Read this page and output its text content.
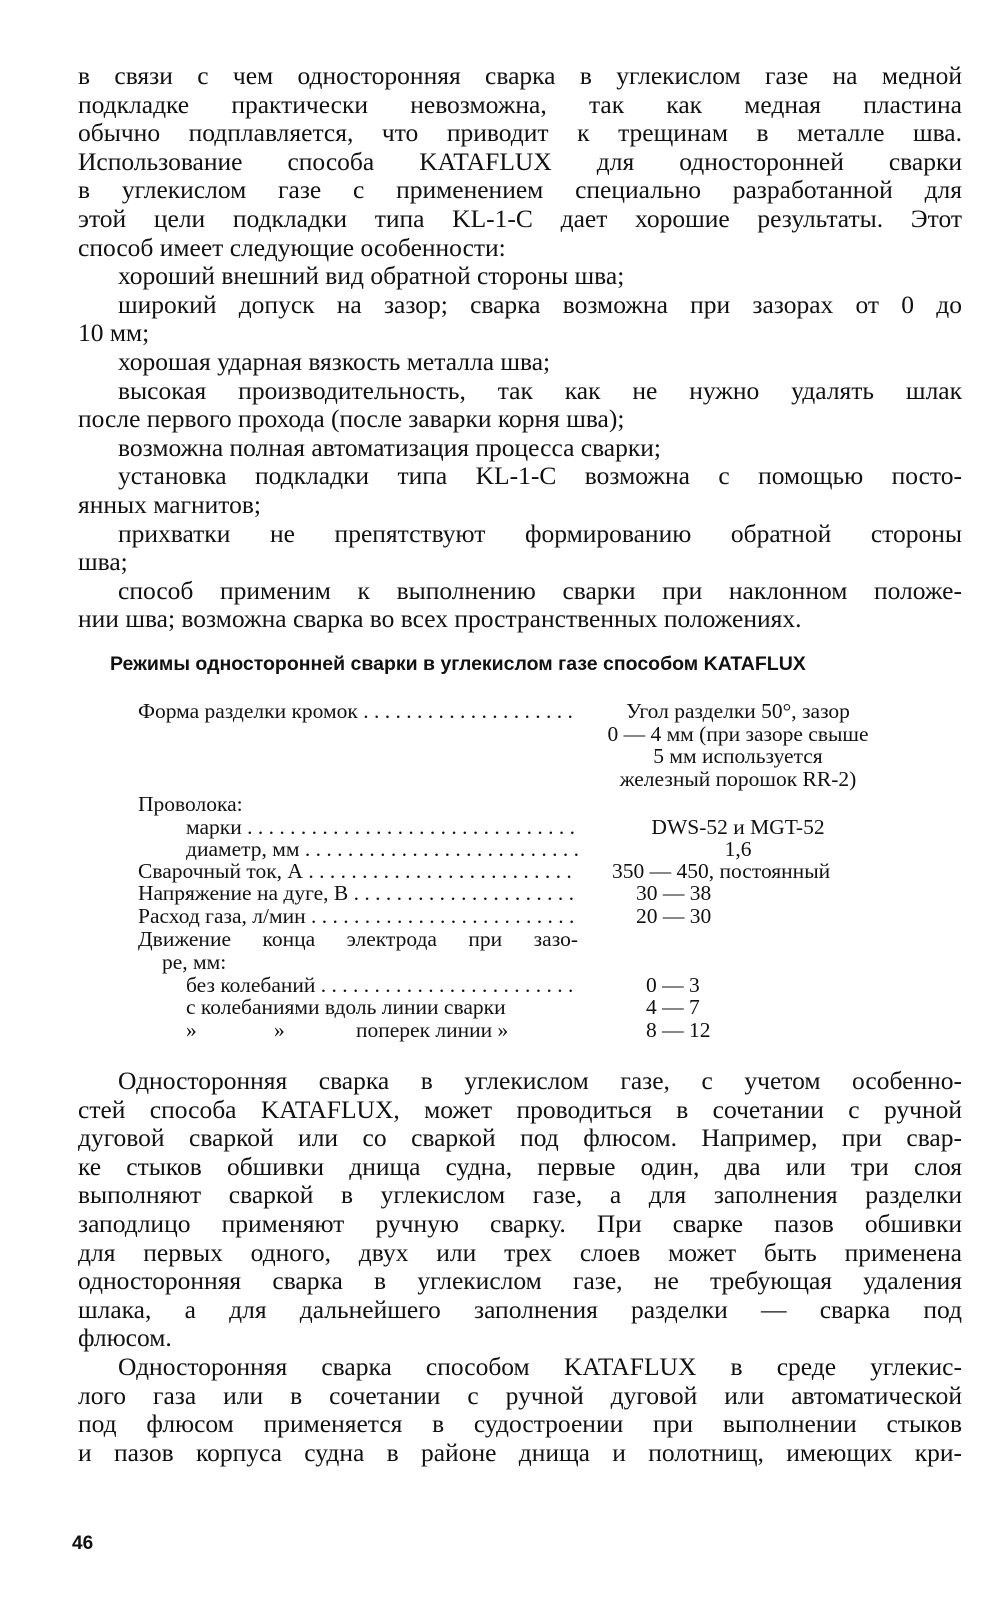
в связи с чем односторонняя сварка в углекислом газе на медной
подкладке практически невозможна, так как медная пластина
обычно подплавляется, что приводит к трещинам в металле шва.
Использование способа KATAFLUX для односторонней сварки
в углекислом газе с применением специально разработанной для
этой цели подкладки типа KL-1-C дает хорошие результаты. Этот
способ имеет следующие особенности:
хороший внешний вид обратной стороны шва;
широкий допуск на зазор; сварка возможна при зазорах от 0 до
10 мм;
хорошая ударная вязкость металла шва;
высокая производительность, так как не нужно удалять шлак
после первого прохода (после заварки корня шва);
возможна полная автоматизация процесса сварки;
установка подкладки типа KL-1-C возможна с помощью посто-
янных магнитов;
прихватки не препятствуют формированию обратной стороны
шва;
способ применим к выполнению сварки при наклонном положе-
нии шва; возможна сварка во всех пространственных положениях.
Режимы односторонней сварки в углекислом газе способом KATAFLUX
Форма разделки кромок . . .	Угол разделки 50°, зазор
0 — 4 мм (при зазоре свыше
5 мм используется
железный порошок RR-2)
Проволока:
марки . . .	DWS-52 и MGT-52
диаметр, мм . . .	1,6
Сварочный ток, А . . .	350 — 450, постоянный
Напряжение на дуге, В . . .	30 — 38
Расход газа, л/мин . . .	20 — 30
Движение конца электрода при зазо-
ре, мм:
без колебаний . . .	0 — 3
с колебаниями вдоль линии сварки	4 — 7
»	»	поперек линии »	8 — 12
Односторонняя сварка в углекислом газе, с учетом особенно-
стей способа KATAFLUX, может проводиться в сочетании с ручной
дуговой сваркой или со сваркой под флюсом. Например, при свар-
ке стыков обшивки днища судна, первые один, два или три слоя
выполняют сваркой в углекислом газе, а для заполнения разделки
заподлицо применяют ручную сварку. При сварке пазов обшивки
для первых одного, двух или трех слоев может быть применена
односторонняя сварка в углекислом газе, не требующая удаления
шлака, а для дальнейшего заполнения разделки — сварка под
флюсом.
Односторонняя сварка способом KATAFLUX в среде углекис-
лого газа или в сочетании с ручной дуговой или автоматической
под флюсом применяется в судостроении при выполнении стыков
и пазов корпуса судна в районе днища и полотнищ, имеющих кри-
46
